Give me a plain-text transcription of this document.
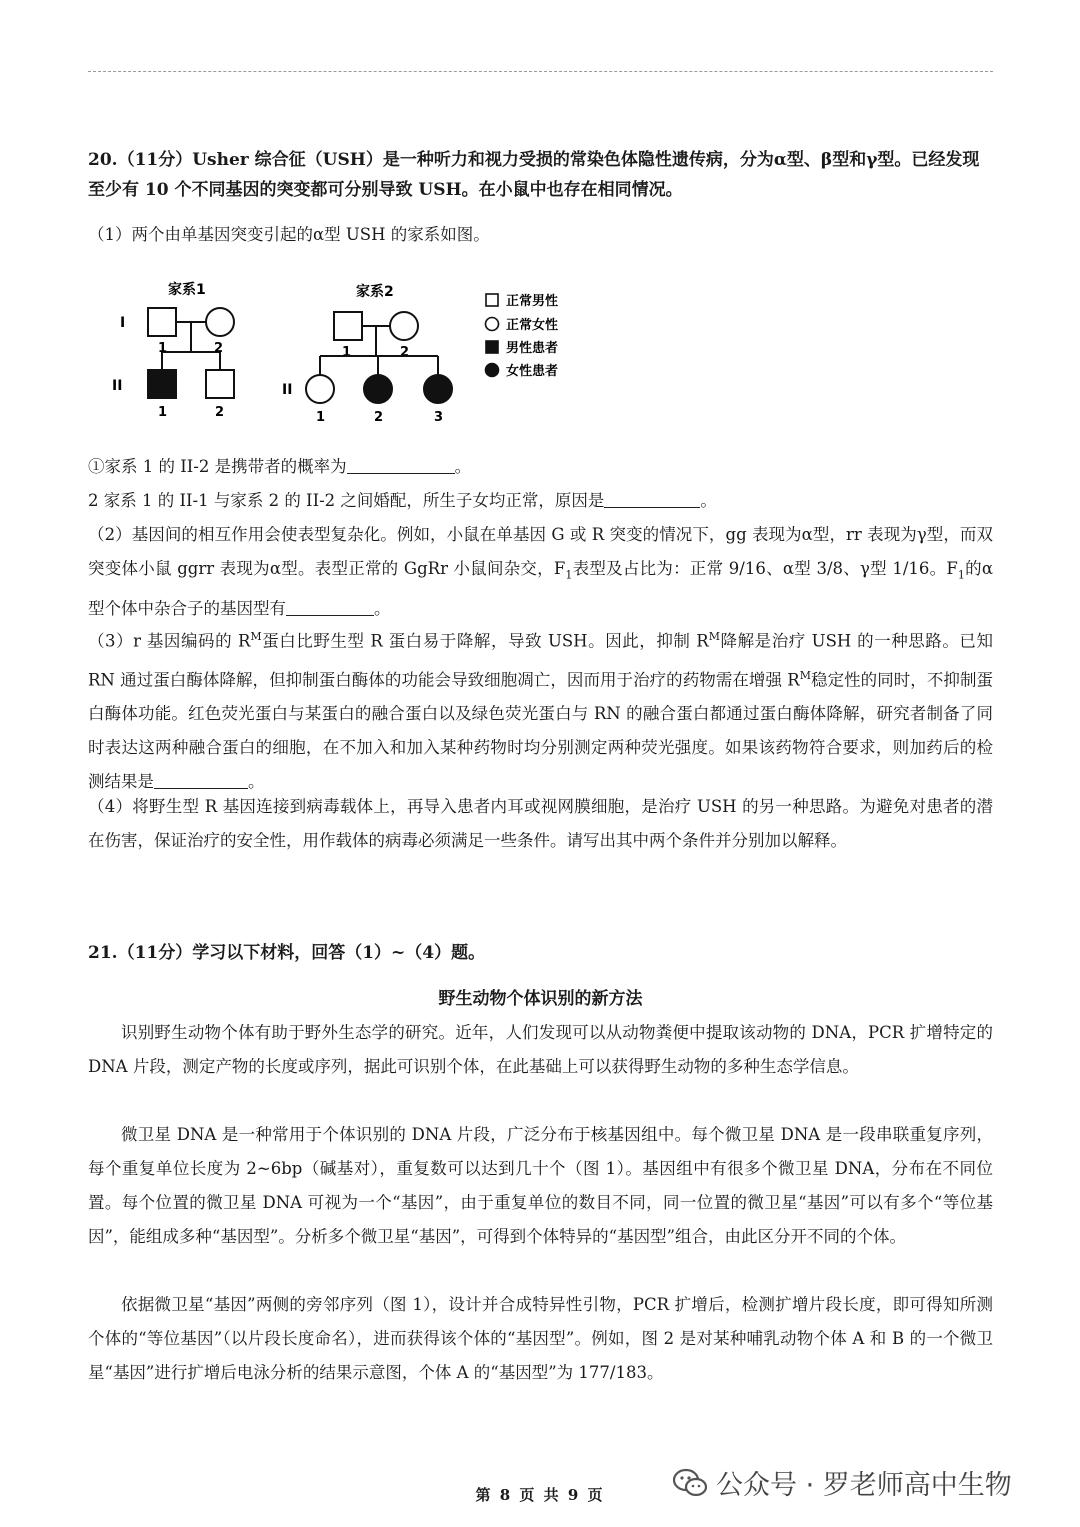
20.（11分）Usher 综合征（USH）是一种听力和视力受损的常染色体隐性遗传病，分为α型、β型和γ型。已经发现至少有 10 个不同基因的突变都可分别导致 USH。在小鼠中也存在相同情况。
（1）两个由单基因突变引起的α型 USH 的家系如图。
家系1
I
1	2
II
1	2
家系2
1	2
II
1	2	3
正常男性
正常女性
男性患者
女性患者
①家系 1 的 II-2 是携带者的概率为	。
2 家系 1 的 II-1 与家系 2 的 II-2 之间婚配，所生子女均正常，原因是	。
（2）基因间的相互作用会使表型复杂化。例如，小鼠在单基因 G 或 R 突变的情况下，gg 表现为α型，rr 表现为γ型，而双突变体小鼠 ggrr 表现为α型。表型正常的 GgRr 小鼠间杂交，$F_1$表型及占比为：正常 9/16、α型 3/8、γ型 1/16。$F_1$的α型个体中杂合子的基因型有	。
（3）r 基因编码的 $R^M$蛋白比野生型 R 蛋白易于降解，导致 USH。因此，抑制 $R^M$降解是治疗 USH 的一种思路。已知 RN 通过蛋白酶体降解，但抑制蛋白酶体的功能会导致细胞凋亡，因而用于治疗的药物需在增强 $R^M$稳定性的同时，不抑制蛋白酶体功能。红色荧光蛋白与某蛋白的融合蛋白以及绿色荧光蛋白与 RN 的融合蛋白都通过蛋白酶体降解，研究者制备了同时表达这两种融合蛋白的细胞，在不加入和加入某种药物时均分别测定两种荧光强度。如果该药物符合要求，则加药后的检测结果是	。
（4）将野生型 R 基因连接到病毒载体上，再导入患者内耳或视网膜细胞，是治疗 USH 的另一种思路。为避免对患者的潜在伤害，保证治疗的安全性，用作载体的病毒必须满足一些条件。请写出其中两个条件并分别加以解释。
21.（11分）学习以下材料，回答（1）~（4）题。
野生动物个体识别的新方法
识别野生动物个体有助于野外生态学的研究。近年，人们发现可以从动物粪便中提取该动物的 DNA，PCR 扩增特定的 DNA 片段，测定产物的长度或序列，据此可识别个体，在此基础上可以获得野生动物的多种生态学信息。
微卫星 DNA 是一种常用于个体识别的 DNA 片段，广泛分布于核基因组中。每个微卫星 DNA 是一段串联重复序列，每个重复单位长度为 2~6bp（碱基对），重复数可以达到几十个（图 1）。基因组中有很多个微卫星 DNA，分布在不同位置。每个位置的微卫星 DNA 可视为一个“基因”，由于重复单位的数目不同，同一位置的微卫星“基因”可以有多个“等位基因”，能组成多种“基因型”。分析多个微卫星“基因”，可得到个体特异的“基因型”组合，由此区分开不同的个体。
依据微卫星“基因”两侧的旁邻序列（图 1），设计并合成特异性引物，PCR 扩增后，检测扩增片段长度，即可得知所测个体的“等位基因”（以片段长度命名），进而获得该个体的“基因型”。例如，图 2 是对某种哺乳动物个体 A 和 B 的一个微卫星“基因”进行扩增后电泳分析的结果示意图，个体 A 的“基因型”为 177/183。
第 8 页 共 9 页	公众号 · 罗老师高中生物
